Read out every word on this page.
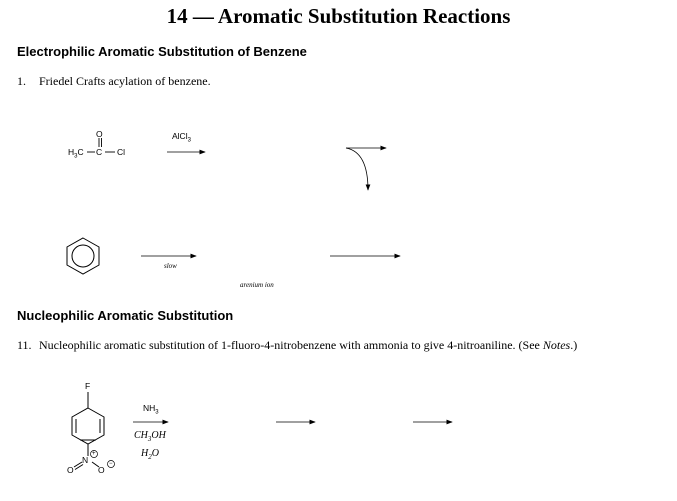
14 — Aromatic Substitution Reactions
Electrophilic Aromatic Substitution of Benzene
1. Friedel Crafts acylation of benzene.
O
$H_3C$ C Cl
AlCl$_3$
slow
arenium ion
Nucleophilic Aromatic Substitution
11. Nucleophilic aromatic substitution of 1-fluoro-4-nitrobenzene with ammonia to give 4-nitroaniline. (See Notes.)
F
N
+
O	O
−
$NH_3$
$CH_3OH$
$H_2O$
